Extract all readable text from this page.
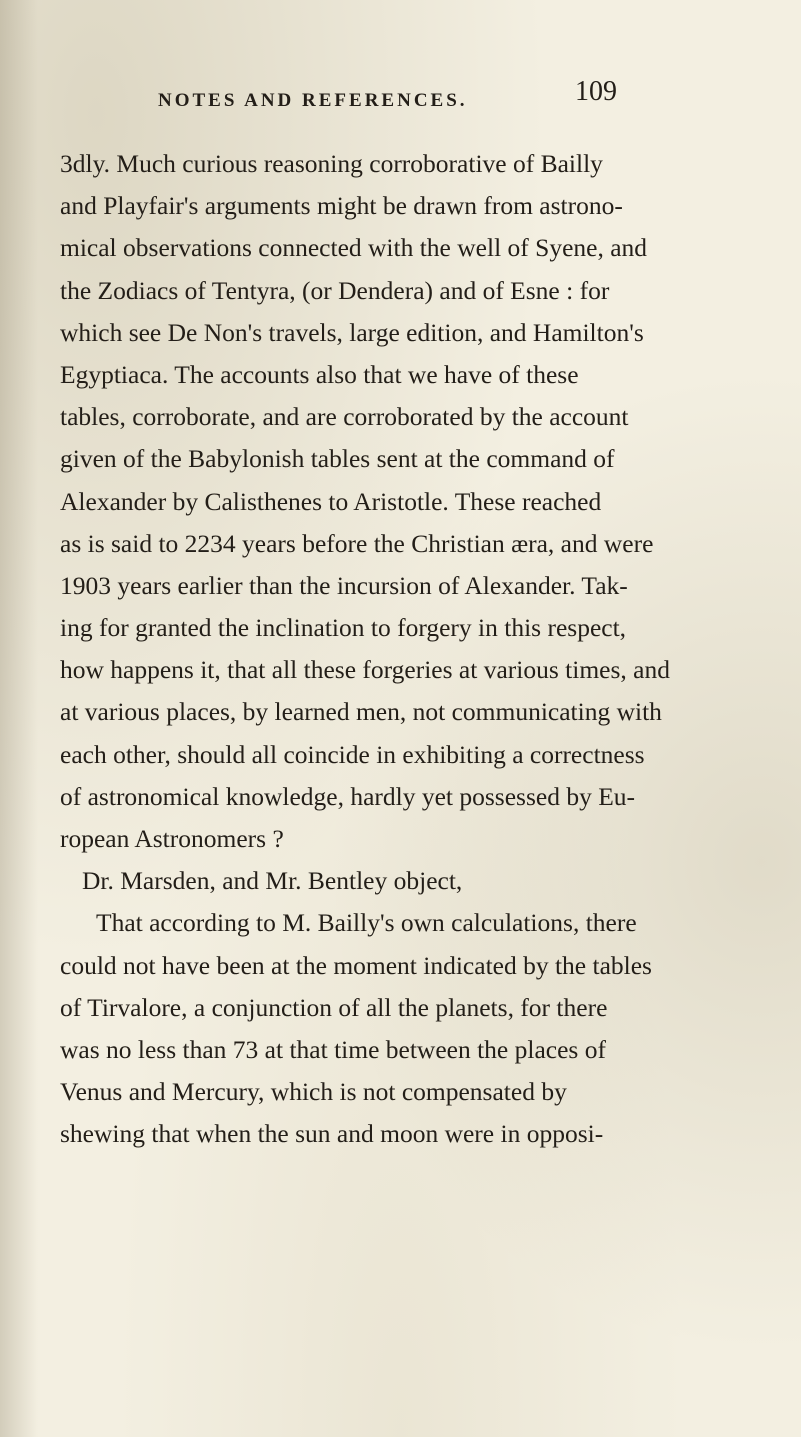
NOTES AND REFERENCES.	109
3dly. Much curious reasoning corroborative of Bailly
and Playfair's arguments might be drawn from astrono-
mical observations connected with the well of Syene, and
the Zodiacs of Tentyra, (or Dendera) and of Esne : for
which see De Non's travels, large edition, and Hamilton's
Egyptiaca. The accounts also that we have of these
tables, corroborate, and are corroborated by the account
given of the Babylonish tables sent at the command of
Alexander by Calisthenes to Aristotle. These reached
as is said to 2234 years before the Christian æra, and were
1903 years earlier than the incursion of Alexander. Tak-
ing for granted the inclination to forgery in this respect,
how happens it, that all these forgeries at various times, and
at various places, by learned men, not communicating with
each other, should all coincide in exhibiting a correctness
of astronomical knowledge, hardly yet possessed by Eu-
ropean Astronomers ?
Dr. Marsden, and Mr. Bentley object,
That according to M. Bailly's own calculations, there
could not have been at the moment indicated by the tables
of Tirvalore, a conjunction of all the planets, for there
was no less than 73 at that time between the places of
Venus and Mercury, which is not compensated by
shewing that when the sun and moon were in opposi-
